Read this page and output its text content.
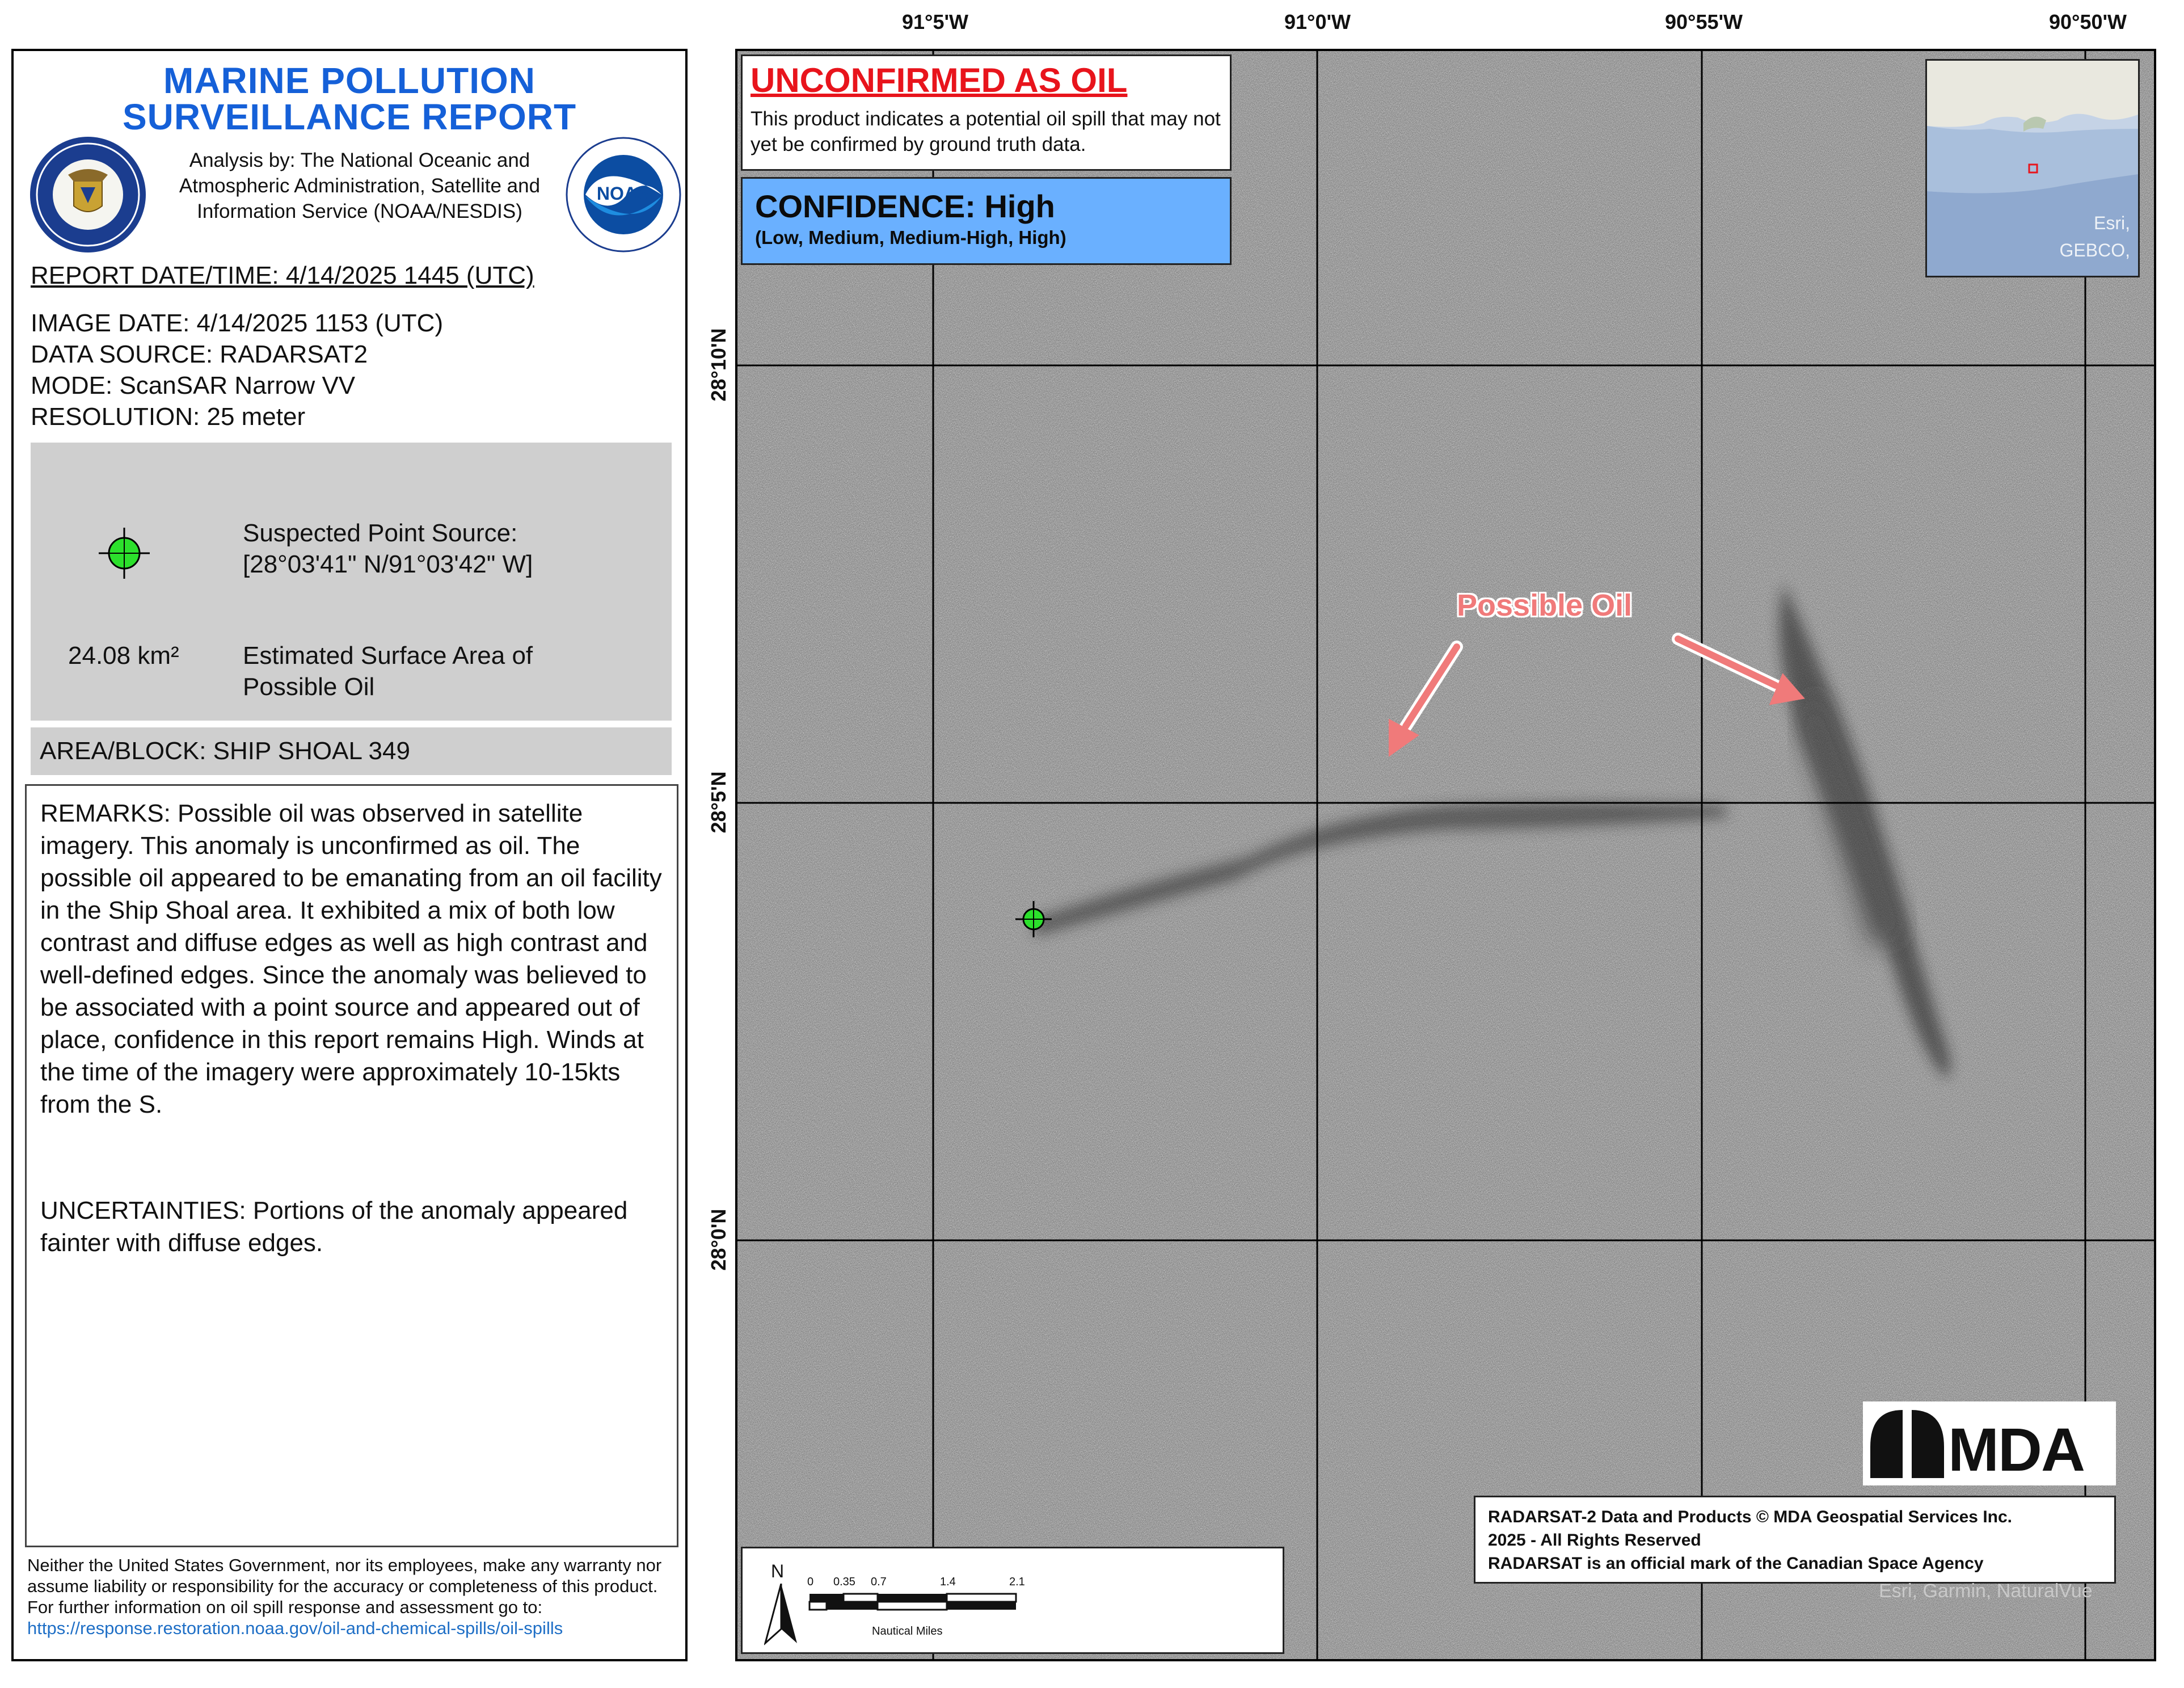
MARINE POLLUTION
SURVEILLANCE REPORT
Analysis by: The National Oceanic and Atmospheric Administration, Satellite and Information Service (NOAA/NESDIS)
NOAA
REPORT DATE/TIME: 4/14/2025 1445 (UTC)
IMAGE DATE: 4/14/2025 1153 (UTC)
DATA SOURCE: RADARSAT2
MODE: ScanSAR Narrow VV
RESOLUTION: 25 meter
Suspected Point Source:
[28°03'41" N/91°03'42" W]
24.08 km²	Estimated Surface Area of
Possible Oil
AREA/BLOCK: SHIP SHOAL 349
REMARKS: Possible oil was observed in satellite imagery. This anomaly is unconfirmed as oil. The possible oil appeared to be emanating from an oil facility in the Ship Shoal area. It exhibited a mix of both low contrast and diffuse edges as well as high contrast and well-defined edges. Since the anomaly was believed to be associated with a point source and appeared out of place, confidence in this report remains High. Winds at the time of the imagery were approximately 10-15kts from the S.
UNCERTAINTIES: Portions of the anomaly appeared fainter with diffuse edges.
Neither the United States Government, nor its employees, make any warranty nor assume liability or responsibility for the accuracy or completeness of this product.
For further information on oil spill response and assessment go to: https://response.restoration.noaa.gov/oil-and-chemical-spills/oil-spills
91°5'W	91°0'W	90°55'W	90°50'W
28°10'N
28°5'N
28°0'N
UNCONFIRMED AS OIL
This product indicates a potential oil spill that may not yet be confirmed by ground truth data.
CONFIDENCE: High
(Low, Medium, Medium-High, High)
Esri,
GEBCO,
Possible Oil
MDA
RADARSAT-2 Data and Products © MDA Geospatial Services Inc.
2025 - All Rights Reserved
RADARSAT is an official mark of the Canadian Space Agency
Esri, Garmin, NaturalVue
N
0 0.35 0.7	1.4	2.1
Nautical Miles
